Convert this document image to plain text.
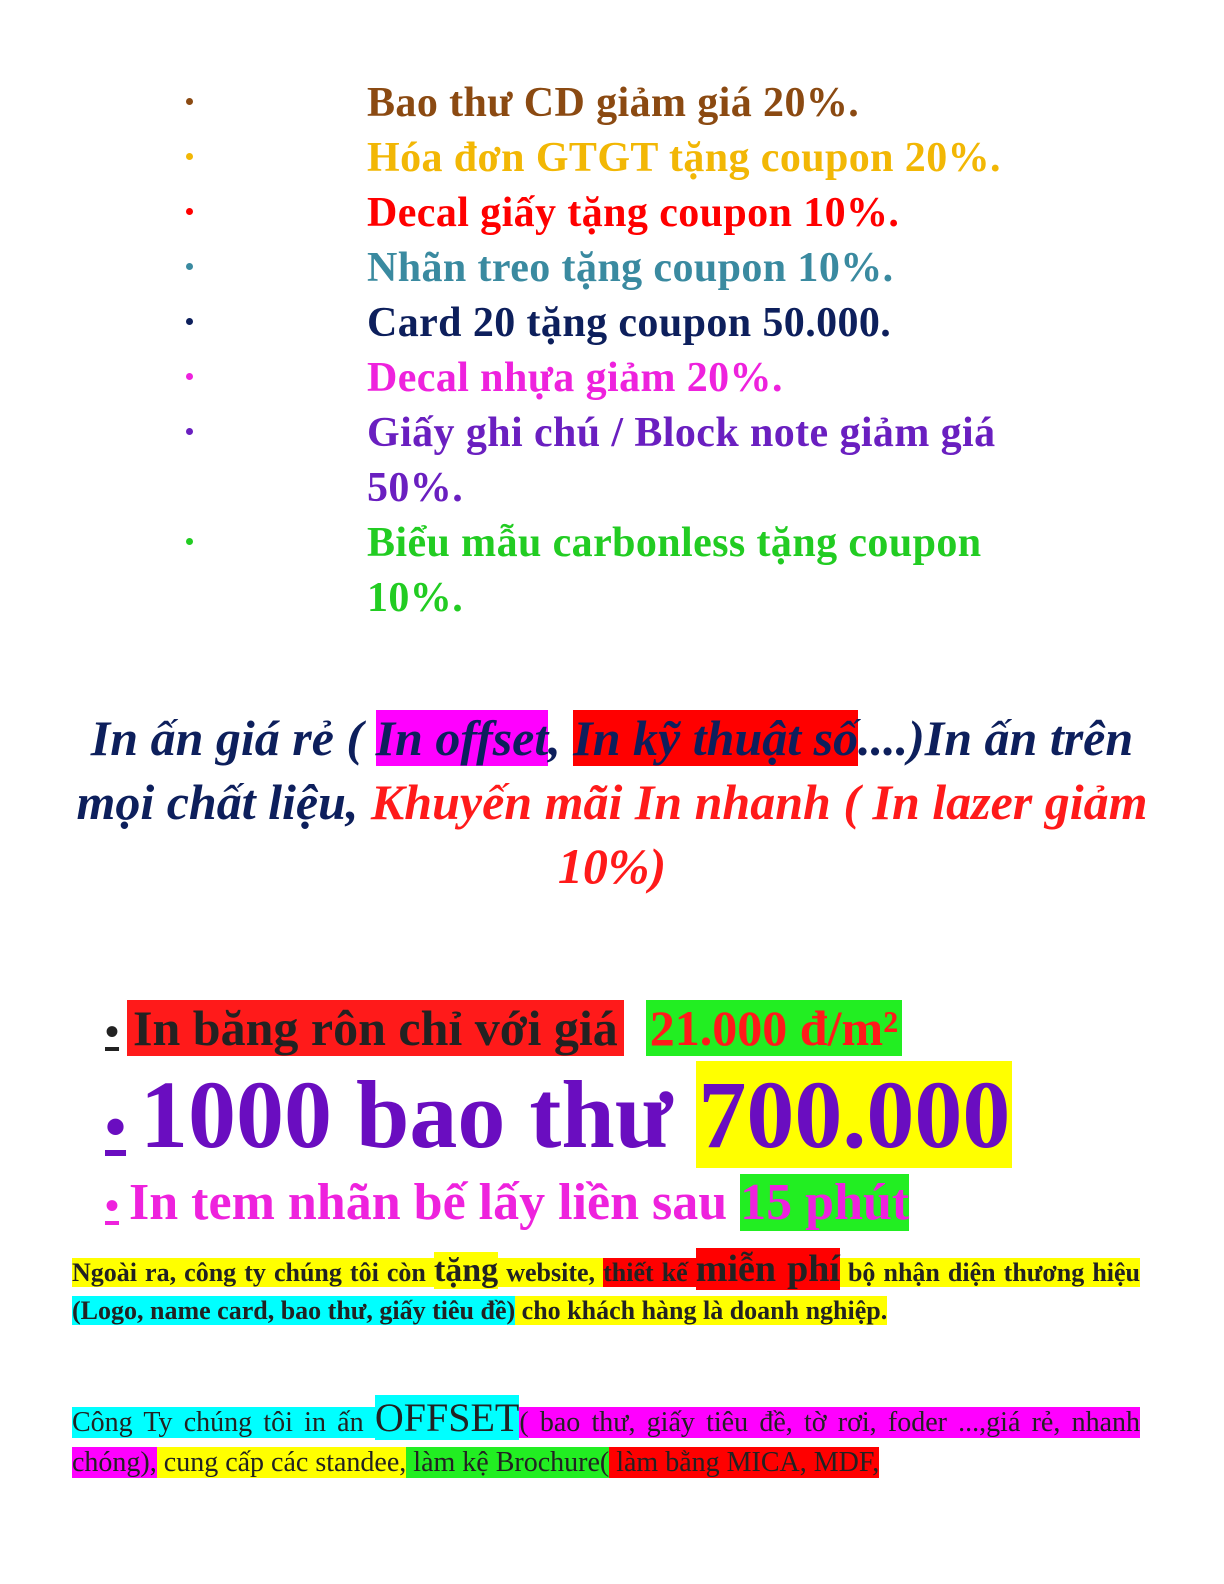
Bao thư CD giảm giá 20%.
Hóa đơn GTGT tặng coupon 20%.
Decal giấy tặng coupon 10%.
Nhãn treo tặng coupon 10%.
Card 20 tặng coupon 50.000.
Decal nhựa giảm 20%.
Giấy ghi chú / Block note giảm giá 50%.
Biểu mẫu carbonless tặng coupon 10%.
In ấn giá rẻ ( In offset, In kỹ thuật số....)In ấn trên mọi chất liệu, Khuyến mãi In nhanh ( In lazer giảm 10%)
• In băng rôn chỉ với giá 21.000 đ/m²
• 1000 bao thư 700.000
• In tem nhãn bế lấy liền sau 15 phút
Ngoài ra, công ty chúng tôi còn tặng website, thiết kế miễn phí bộ nhận diện thương hiệu (Logo, name card, bao thư, giấy tiêu đề) cho khách hàng là doanh nghiệp.
Công Ty chúng tôi in ấn OFFSET( bao thư, giấy tiêu đề, tờ rơi, foder ...,giá rẻ, nhanh chóng), cung cấp các standee, làm kệ Brochure( làm bằng MICA, MDF,
